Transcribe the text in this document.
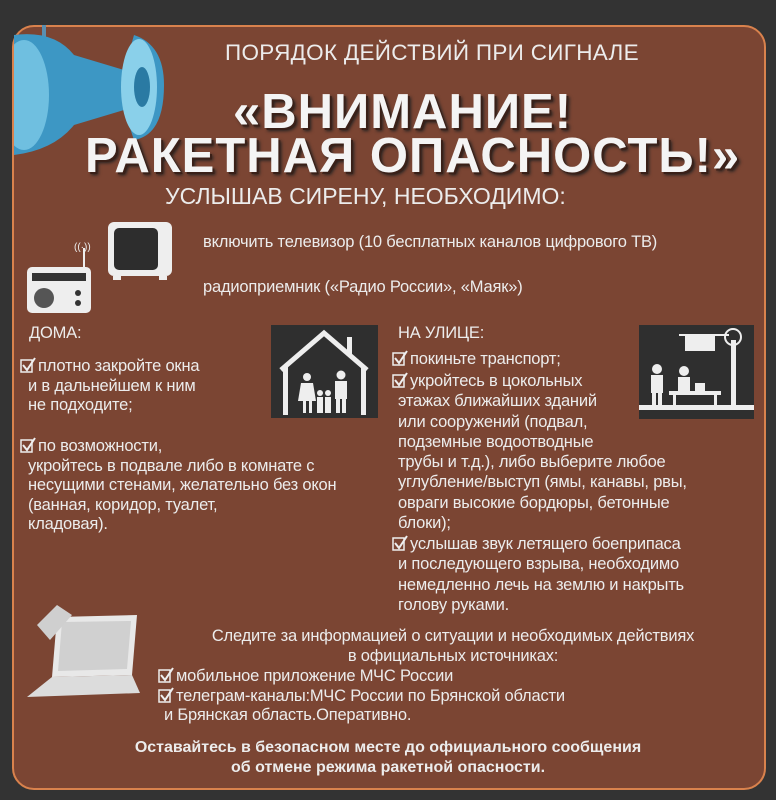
ПОРЯДОК ДЕЙСТВИЙ ПРИ СИГНАЛЕ
«ВНИМАНИЕ!
РАКЕТНАЯ ОПАСНОСТЬ!»
УСЛЫШАВ СИРЕНУ, НЕОБХОДИМО:
((·))	включить телевизор (10 бесплатных каналов цифрового ТВ)
радиоприемник («Радио России», «Маяк»)
ДОМА:
плотно закройте окна
и в дальнейшем к ним
не подходите;
по возможности,
укройтесь в подвале либо в комнате с
несущими стенами, желательно без окон
(ванная, коридор, туалет,
кладовая).
НА УЛИЦЕ:
покиньте транспорт;
укройтесь в цокольных
этажах ближайших зданий
или сооружений (подвал,
подземные водоотводные
трубы и т.д.), либо выберите любое
углубление/выступ (ямы, канавы, рвы,
овраги высокие бордюры, бетонные
блоки);
услышав звук летящего боеприпаса
и последующего взрыва, необходимо
немедленно лечь на землю и накрыть
голову руками.
Следите за информацией о ситуации и необходимых действиях
в официальных источниках:
мобильное приложение МЧС России
телеграм-каналы:МЧС России по Брянской области
и Брянская область.Оперативно.
Оставайтесь в безопасном месте до официального сообщения
об отмене режима ракетной опасности.
